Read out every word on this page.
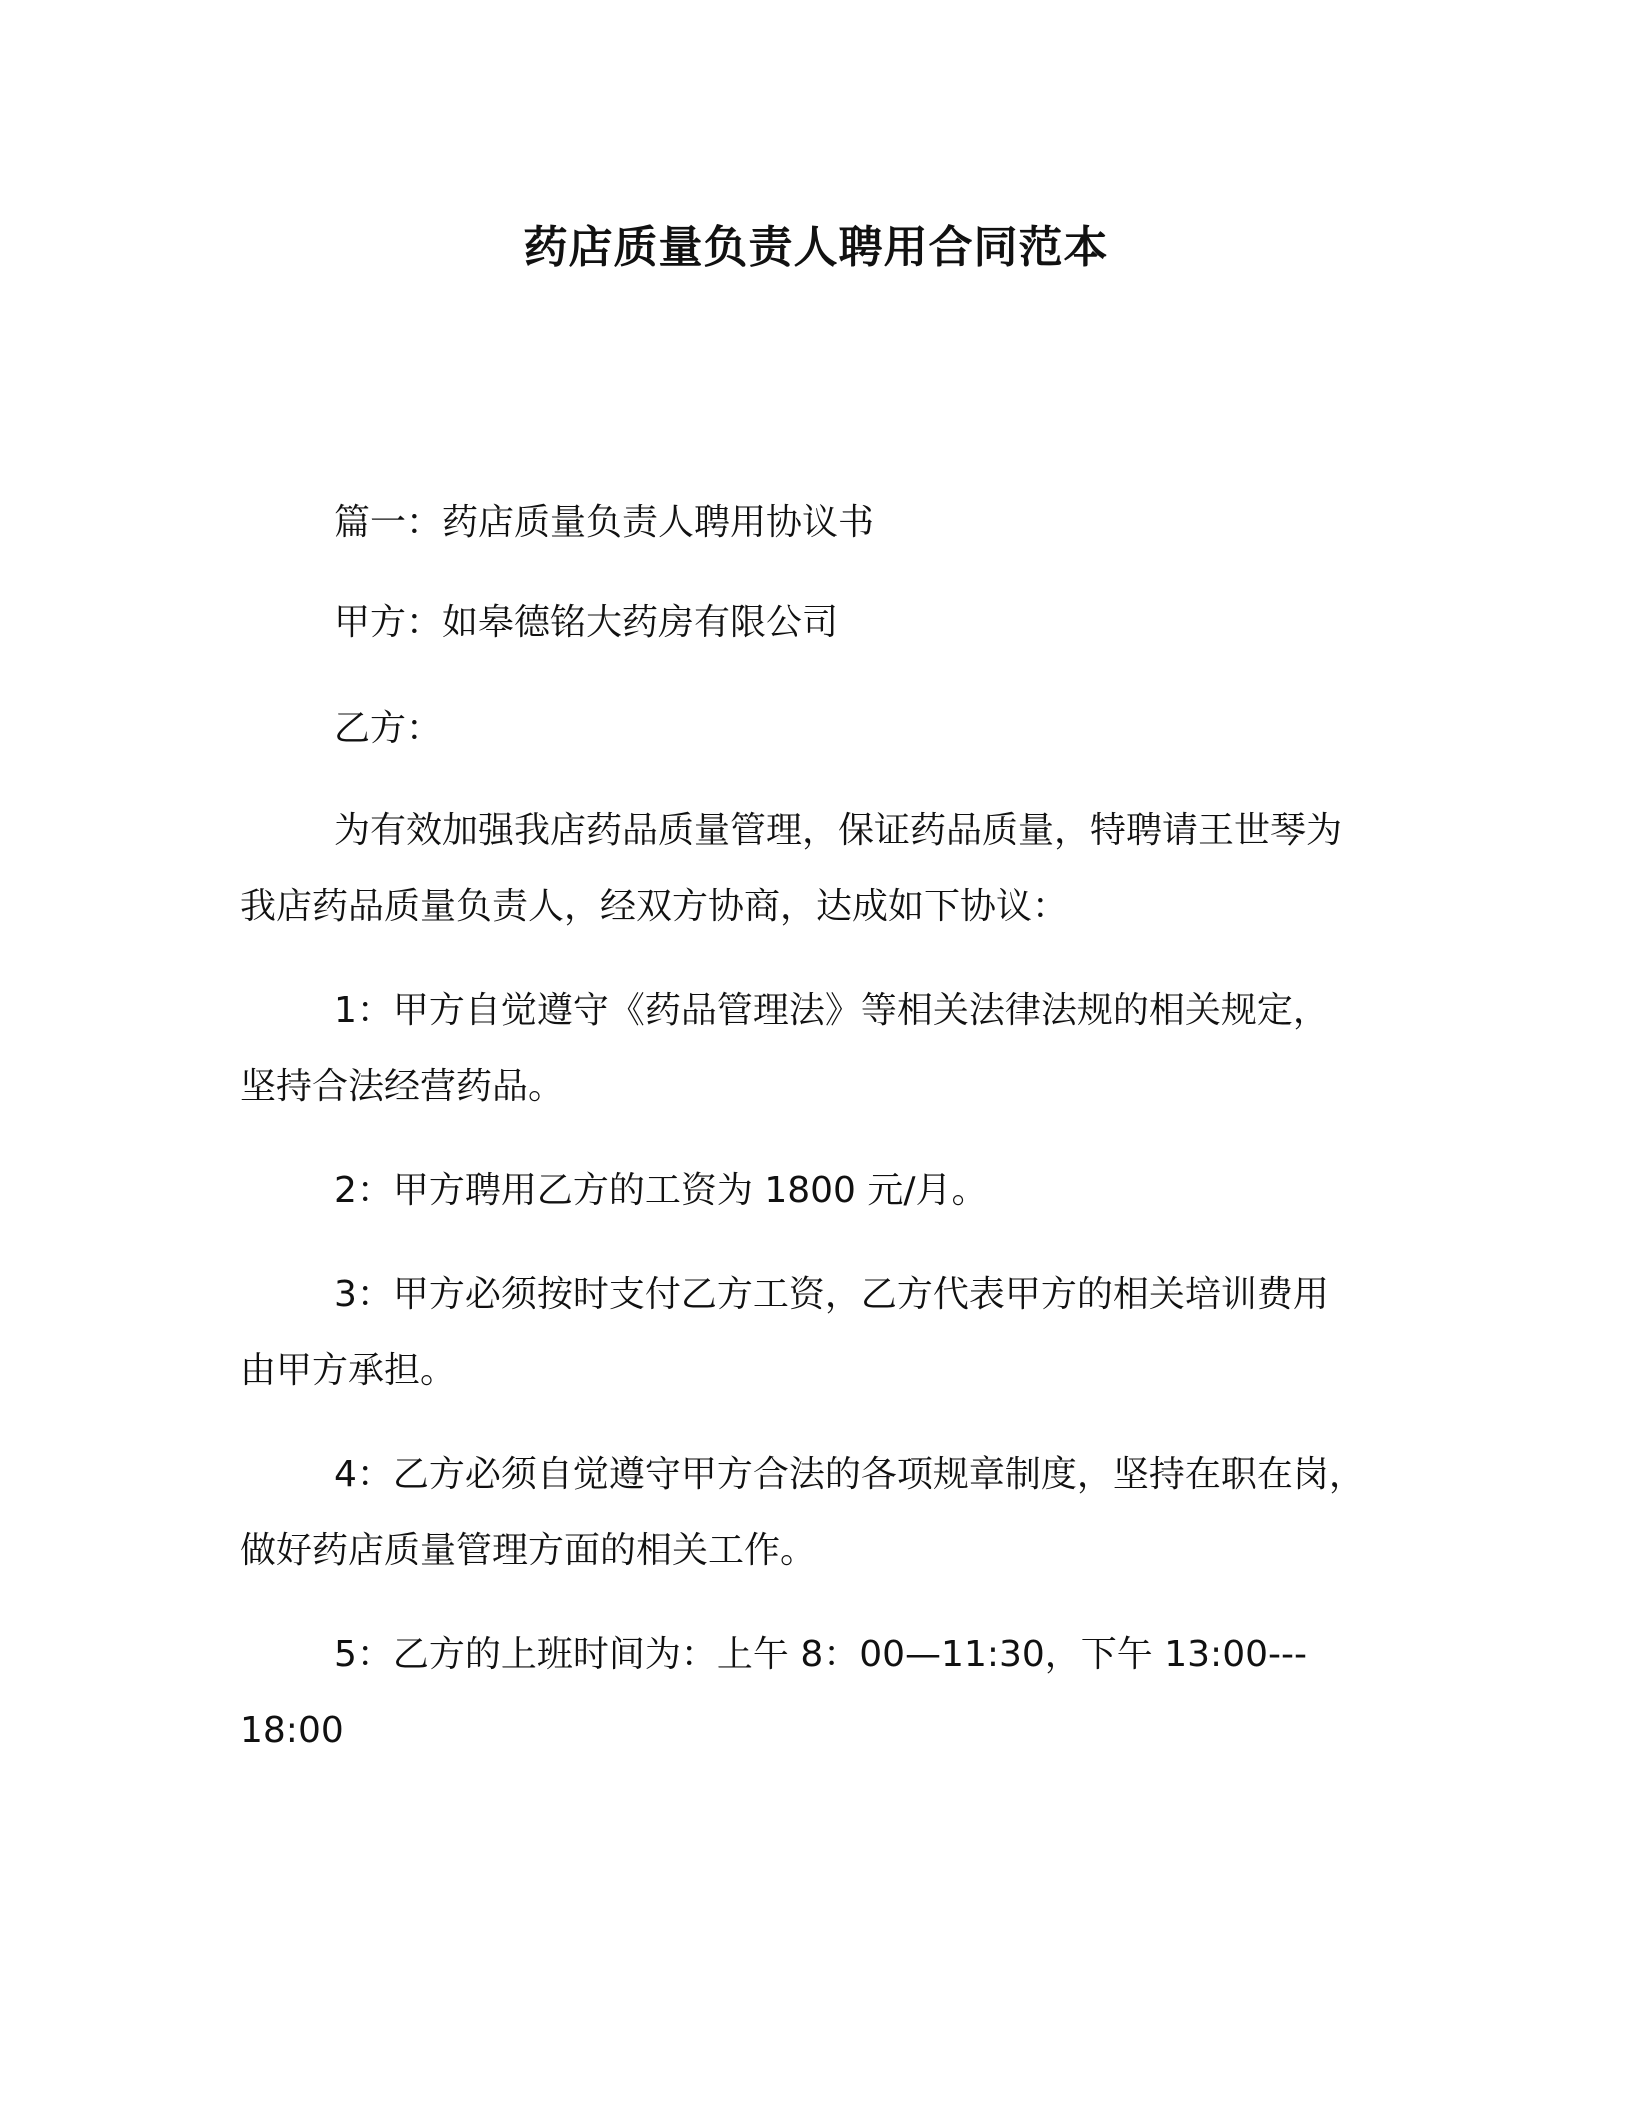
药店质量负责人聘用合同范本

篇一：药店质量负责人聘用协议书

甲方：如皋德铭大药房有限公司

乙方：

为有效加强我店药品质量管理，保证药品质量，特聘请王世琴为

我店药品质量负责人，经双方协商，达成如下协议：

1：甲方自觉遵守《药品管理法》等相关法律法规的相关规定，

坚持合法经营药品。

2：甲方聘用乙方的工资为 1800 元/月。

3：甲方必须按时支付乙方工资，乙方代表甲方的相关培训费用

由甲方承担。

4：乙方必须自觉遵守甲方合法的各项规章制度，坚持在职在岗，

做好药店质量管理方面的相关工作。

5：乙方的上班时间为：上午 8：00—11:30，下午 13:00---

18:00
